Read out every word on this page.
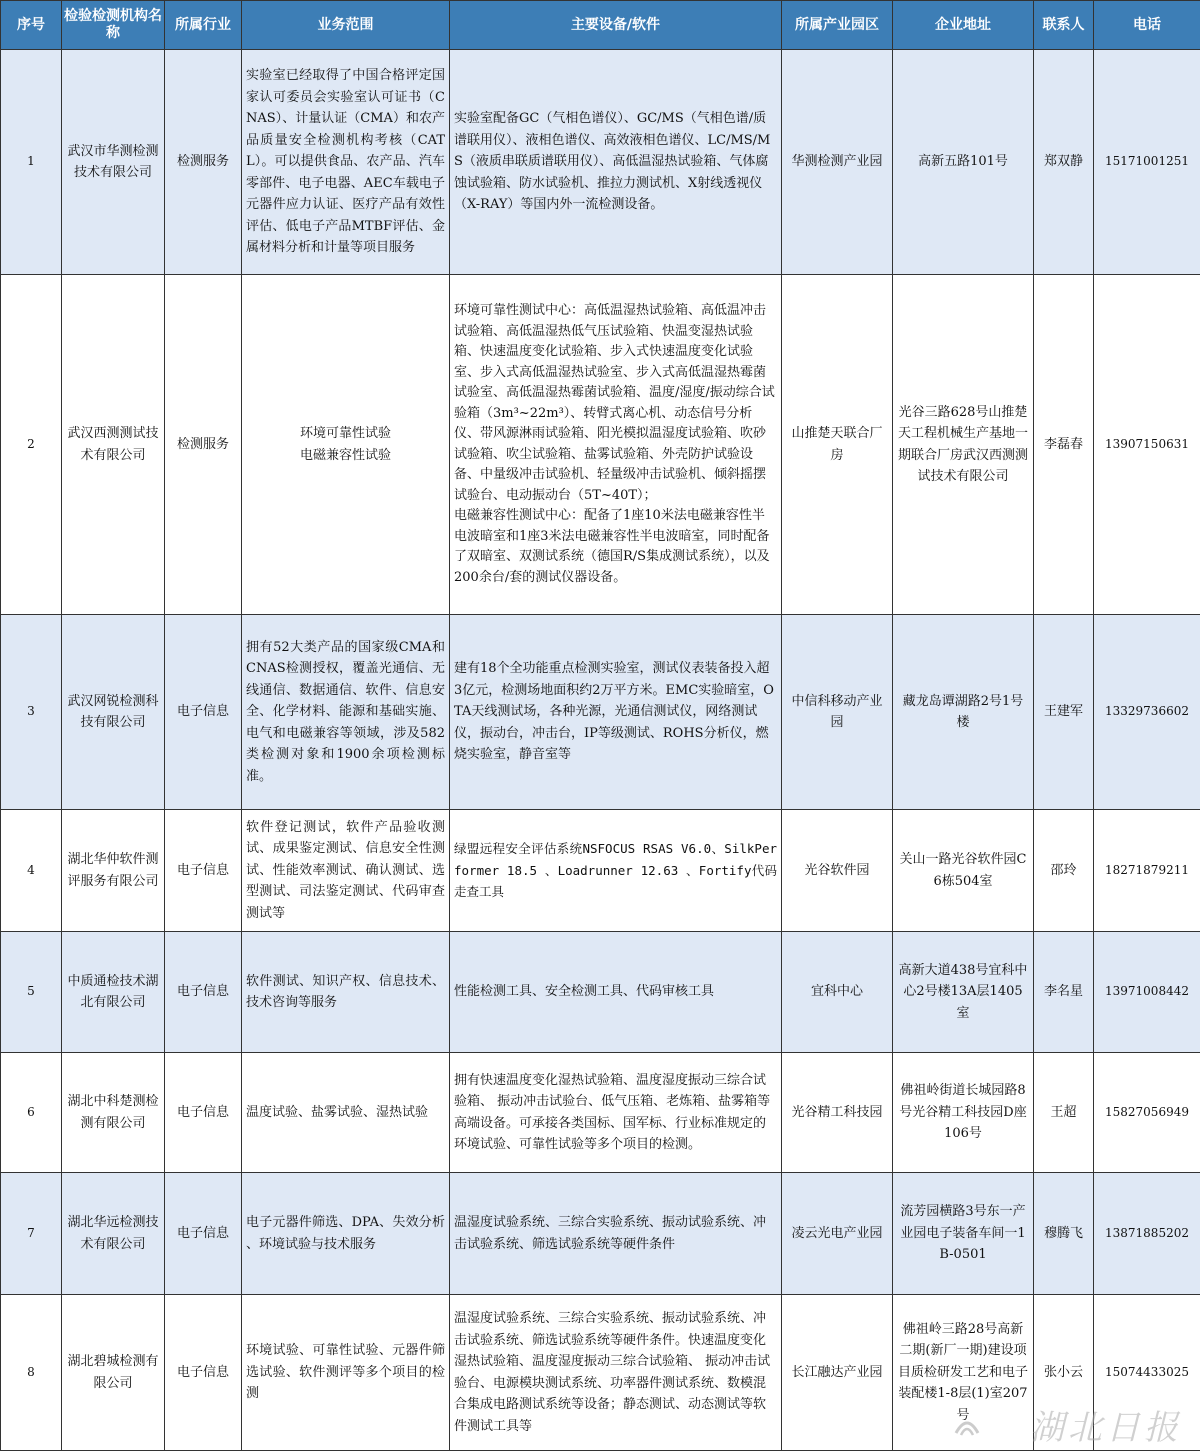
序号	检验检测机构名称	所属行业	业务范围	主要设备/软件	所属产业园区	企业地址	联系人	电话
1	武汉市华测检测技术有限公司	检测服务	实验室已经取得了中国合格评定国家认可委员会实验室认可证书（CNAS）、计量认证（CMA）和农产品质量安全检测机构考核（CATL）。可以提供食品、农产品、汽车零部件、电子电器、AEC车载电子元器件应力认证、医疗产品有效性评估、低电子产品MTBF评估、金属材料分析和计量等项目服务	实验室配备GC（气相色谱仪）、GC/MS（气相色谱/质谱联用仪）、液相色谱仪、高效液相色谱仪、LC/MS/MS（液质串联质谱联用仪）、高低温湿热试验箱、气体腐蚀试验箱、防水试验机、推拉力测试机、X射线透视仪（X-RAY）等国内外一流检测设备。	华测检测产业园	高新五路101号	郑双静	15171001251
2	武汉西测测试技术有限公司	检测服务	环境可靠性试验
电磁兼容性试验	环境可靠性测试中心：高低温湿热试验箱、高低温冲击试验箱、高低温湿热低气压试验箱、快温变湿热试验箱、快速温度变化试验箱、步入式快速温度变化试验室、步入式高低温湿热试验室、步入式高低温湿热霉菌试验室、高低温湿热霉菌试验箱、温度/湿度/振动综合试验箱（3m³~22m³）、转臂式离心机、动态信号分析仪、带风源淋雨试验箱、阳光模拟温湿度试验箱、吹砂试验箱、吹尘试验箱、盐雾试验箱、外壳防护试验设备、中量级冲击试验机、轻量级冲击试验机、倾斜摇摆试验台、电动振动台（5T~40T）；
电磁兼容性测试中心：配备了1座10米法电磁兼容性半电波暗室和1座3米法电磁兼容性半电波暗室，同时配备了双暗室、双测试系统（德国R/S集成测试系统），以及200余台/套的测试仪器设备。	山推楚天联合厂房	光谷三路628号山推楚天工程机械生产基地一期联合厂房武汉西测测试技术有限公司	李磊春	13907150631
3	武汉网锐检测科技有限公司	电子信息	拥有52大类产品的国家级CMA和CNAS检测授权，覆盖光通信、无线通信、数据通信、软件、信息安全、化学材料、能源和基础实施、电气和电磁兼容等领域，涉及582类检测对象和1900余项检测标准。	建有18个全功能重点检测实验室，测试仪表装备投入超3亿元，检测场地面积约2万平方米。EMC实验暗室，OTA天线测试场，各种光源，光通信测试仪，网络测试仪，振动台，冲击台，IP等级测试、ROHS分析仪，燃烧实验室，静音室等	中信科移动产业园	藏龙岛谭湖路2号1号楼	王建军	13329736602
4	湖北华仲软件测评服务有限公司	电子信息	软件登记测试，软件产品验收测试、成果鉴定测试、信息安全性测试、性能效率测试、确认测试、选型测试、司法鉴定测试、代码审查测试等	绿盟远程安全评估系统NSFOCUS RSAS V6.0、SilkPerformer 18.5 、Loadrunner 12.63 、Fortify代码走查工具	光谷软件园	关山一路光谷软件园C6栋504室	邵玲	18271879211
5	中质通检技术湖北有限公司	电子信息	软件测试、知识产权、信息技术、技术咨询等服务	性能检测工具、安全检测工具、代码审核工具	宜科中心	高新大道438号宜科中心2号楼13A层1405室	李名星	13971008442
6	湖北中科楚测检测有限公司	电子信息	温度试验、盐雾试验、湿热试验	拥有快速温度变化湿热试验箱、温度湿度振动三综合试验箱、 振动冲击试验台、低气压箱、老炼箱、盐雾箱等高端设备。可承接各类国标、国军标、行业标准规定的环境试验、可靠性试验等多个项目的检测。	光谷精工科技园	佛祖岭街道长城园路8号光谷精工科技园D座106号	王超	15827056949
7	湖北华远检测技术有限公司	电子信息	电子元器件筛选、DPA、失效分析 、环境试验与技术服务	温湿度试验系统、三综合实验系统、振动试验系统、冲击试验系统、筛选试验系统等硬件条件	凌云光电产业园	流芳园横路3号东一产业园电子装备车间一1B-0501	穆腾飞	13871885202
8	湖北碧城检测有限公司	电子信息	环境试验、可靠性试验、元器件筛选试验、软件测评等多个项目的检测	温湿度试验系统、三综合实验系统、振动试验系统、冲击试验系统、筛选试验系统等硬件条件。快速温度变化湿热试验箱、温度湿度振动三综合试验箱、 振动冲击试验台、电源模块测试系统、功率器件测试系统、数模混合集成电路测试系统等设备；静态测试、动态测试等软件测试工具等	长江融达产业园	佛祖岭三路28号高新二期(新厂一期)建设项目质检研发工艺和电子装配楼1-8层(1)室207号	张小云	15074433025
湖北日报
